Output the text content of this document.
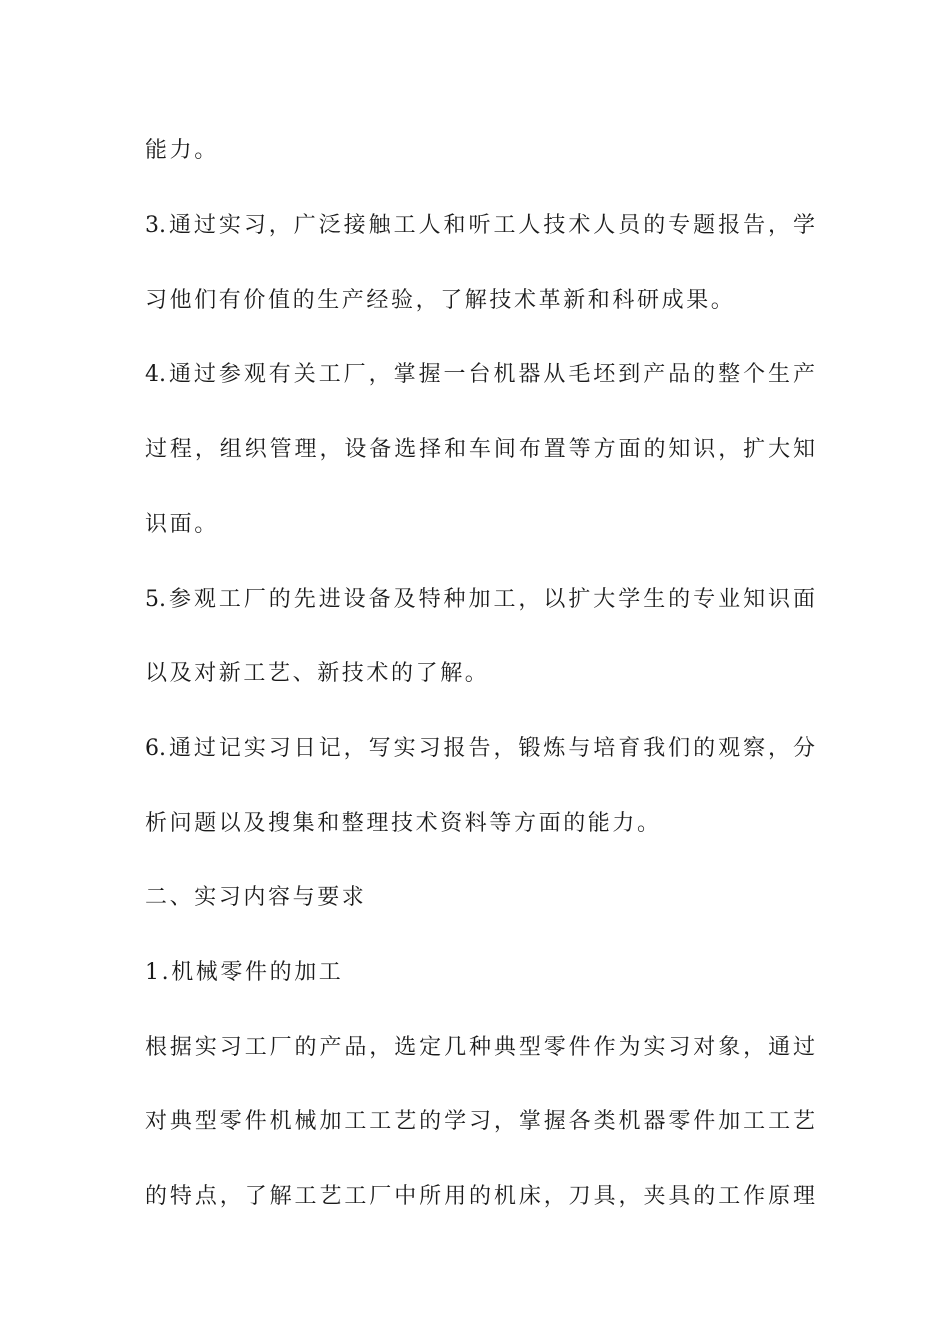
能力。
3.通过实习，广泛接触工人和听工人技术人员的专题报告，学
习他们有价值的生产经验，了解技术革新和科研成果。
4.通过参观有关工厂，掌握一台机器从毛坯到产品的整个生产
过程，组织管理，设备选择和车间布置等方面的知识，扩大知
识面。
5.参观工厂的先进设备及特种加工，以扩大学生的专业知识面
以及对新工艺、新技术的了解。
6.通过记实习日记，写实习报告，锻炼与培育我们的观察，分
析问题以及搜集和整理技术资料等方面的能力。
二、实习内容与要求
1.机械零件的加工
根据实习工厂的产品，选定几种典型零件作为实习对象，通过
对典型零件机械加工工艺的学习，掌握各类机器零件加工工艺
的特点，了解工艺工厂中所用的机床，刀具，夹具的工作原理
